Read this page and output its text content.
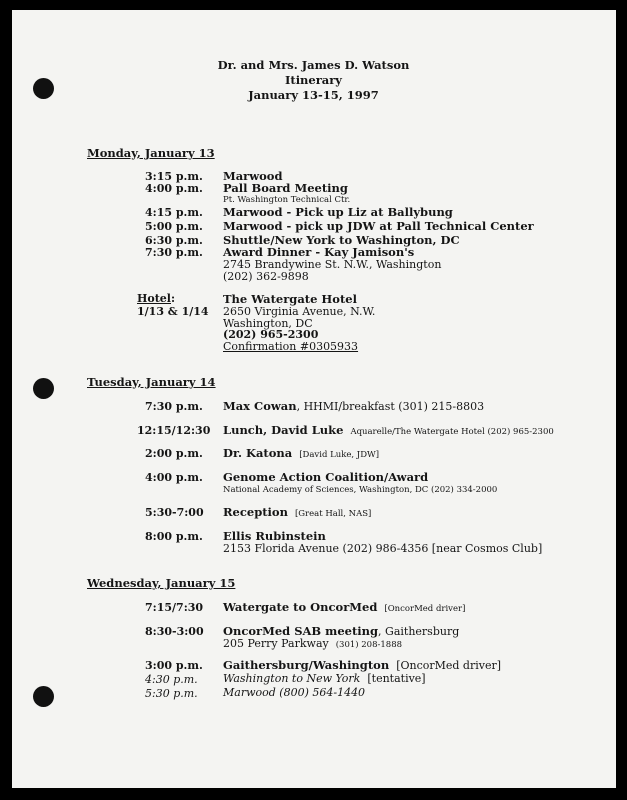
Dr. and Mrs. James D. Watson
Itinerary
January 13-15, 1997
Monday, January 13
3:15 p.m. Marwood
4:00 p.m. Pall Board Meeting
Pt. Washington Technical Ctr.
4:15 p.m. Marwood - Pick up Liz at Ballybung
5:00 p.m. Marwood - pick up JDW at Pall Technical Center
6:30 p.m. Shuttle/New York to Washington, DC
7:30 p.m. Award Dinner - Kay Jamison's
2745 Brandywine St. N.W., Washington
(202) 362-9898
Hotel:
1/13 & 1/14
The Watergate Hotel
2650 Virginia Avenue, N.W.
Washington, DC
(202) 965-2300
Confirmation #0305933
Tuesday, January 14
7:30 p.m. Max Cowan, HHMI/breakfast (301) 215-8803
12:15/12:30 Lunch, David Luke Aquarelle/The Watergate Hotel (202) 965-2300
2:00 p.m. Dr. Katona [David Luke, JDW]
4:00 p.m. Genome Action Coalition/Award
National Academy of Sciences, Washington, DC (202) 334-2000
5:30-7:00 Reception [Great Hall, NAS]
8:00 p.m. Ellis Rubinstein
2153 Florida Avenue (202) 986-4356 [near Cosmos Club]
Wednesday, January 15
7:15/7:30 Watergate to OncorMed [OncorMed driver]
8:30-3:00 OncorMed SAB meeting, Gaithersburg
205 Perry Parkway (301) 208-1888
3:00 p.m. Gaithersburg/Washington [OncorMed driver]
4:30 p.m. Washington to New York [tentative]
5:30 p.m. Marwood (800) 564-1440
